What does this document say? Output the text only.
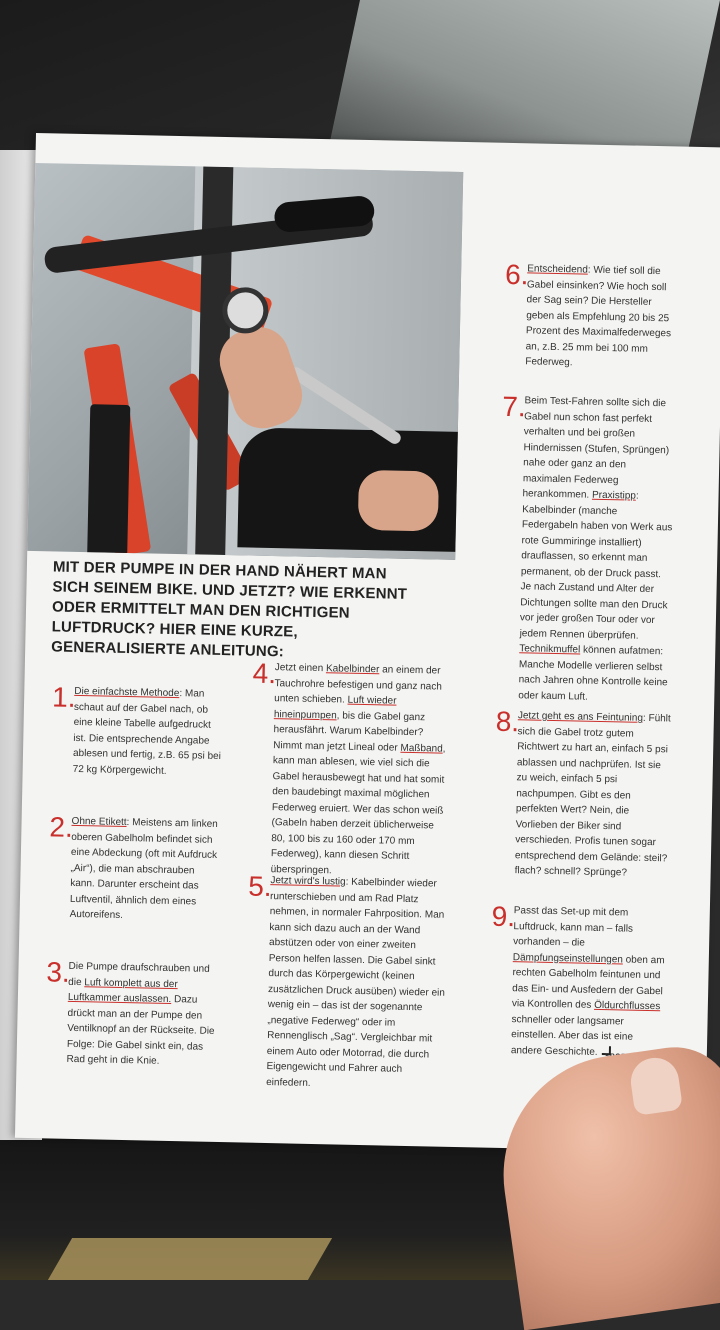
MIT DER PUMPE IN DER HAND NÄHERT MAN SICH SEINEM BIKE. UND JETZT? WIE ERKENNT ODER ERMITTELT MAN DEN RICHTIGEN LUFTDRUCK? HIER EINE KURZE, GENERALISIERTE ANLEITUNG:
1.

Die einfachste Methode: Man schaut auf der Gabel nach, ob eine kleine Tabelle aufgedruckt ist. Die entsprechende Angabe ablesen und fertig, z.B. 65 psi bei 72 kg Körpergewicht.

2.

Ohne Etikett: Meistens am linken oberen Gabelholm befindet sich eine Abdeckung (oft mit Aufdruck „Air“), die man abschrauben kann. Darunter erscheint das Luftventil, ähnlich dem eines Autoreifens.

3.

Die Pumpe draufschrauben und die Luft komplett aus der Luftkammer auslassen. Dazu drückt man an der Pumpe den Ventilknopf an der Rückseite. Die Folge: Die Gabel sinkt ein, das Rad geht in die Knie.

4.

Jetzt einen Kabelbinder an einem der Tauchrohre befestigen und ganz nach unten schieben. Luft wieder hineinpumpen, bis die Gabel ganz herausfährt. Warum Kabelbinder? Nimmt man jetzt Lineal oder Maßband, kann man ablesen, wie viel sich die Gabel herausbewegt hat und hat somit den baudebingt maximal möglichen Federweg eruiert. Wer das schon weiß (Gabeln haben derzeit üblicherweise 80, 100 bis zu 160 oder 170 mm Federweg), kann diesen Schritt überspringen.

5.

Jetzt wird's lustig: Kabelbinder wieder runterschieben und am Rad Platz nehmen, in normaler Fahrposition. Man kann sich dazu auch an der Wand abstützen oder von einer zweiten Person helfen lassen. Die Gabel sinkt durch das Körpergewicht (keinen zusätzlichen Druck ausüben) wieder ein wenig ein – das ist der sogenannte „negative Federweg“ oder im Rennenglisch „Sag“. Vergleichbar mit einem Auto oder Motorrad, die durch Eigengewicht und Fahrer auch einfedern.

6.

Entscheidend: Wie tief soll die Gabel einsinken? Wie hoch soll der Sag sein? Die Hersteller geben als Empfehlung 20 bis 25 Prozent des Maximalfederweges an, z.B. 25 mm bei 100 mm Federweg.

7.

Beim Test-Fahren sollte sich die Gabel nun schon fast perfekt verhalten und bei großen Hindernissen (Stufen, Sprüngen) nahe oder ganz an den maximalen Federweg herankommen. Praxistipp: Kabelbinder (manche Federgabeln haben von Werk aus rote Gummiringe installiert) drauflassen, so erkennt man permanent, ob der Druck passt. Je nach Zustand und Alter der Dichtungen sollte man den Druck vor jeder großen Tour oder vor jedem Rennen überprüfen. Technikmuffel können aufatmen: Manche Modelle verlieren selbst nach Jahren ohne Kontrolle keine oder kaum Luft.

8.

Jetzt geht es ans Feintuning: Fühlt sich die Gabel trotz gutem Richtwert zu hart an, einfach 5 psi ablassen und nachprüfen. Ist sie zu weich, einfach 5 psi nachpumpen. Gibt es den perfekten Wert? Nein, die Vorlieben der Biker sind verschieden. Profis tunen sogar entsprechend dem Gelände: steil? flach? schnell? Sprünge?

9.

Passt das Set-up mit dem Luftdruck, kann man – falls vorhanden – die Dämpfungseinstellungen oben am rechten Gabelholm feintunen und das Ein- und Ausfedern der Gabel via Kontrollen des Öldurchflusses schneller oder langsamer einstellen. Aber das ist eine andere Geschichte.
